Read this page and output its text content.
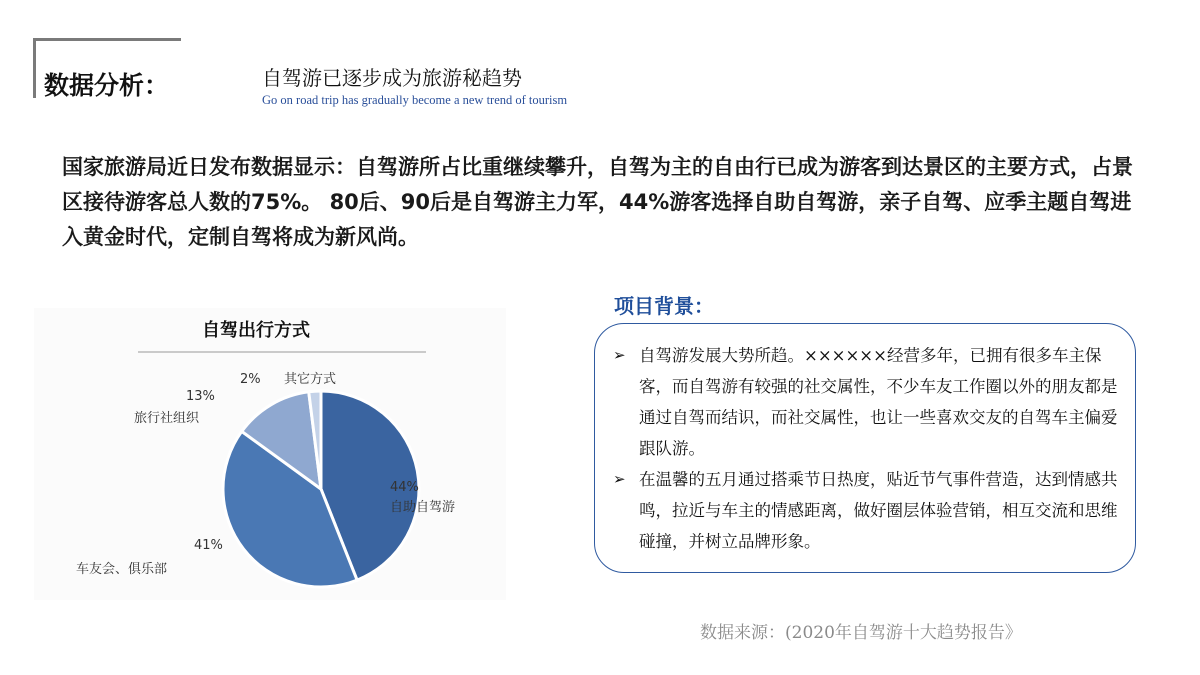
数据分析：	自驾游已逐步成为旅游秘趋势
Go on road trip has gradually become a new trend of tourism
国家旅游局近日发布数据显示：自驾游所占比重继续攀升，自驾为主的自由行已成为游客到达景区的主要方式，占景区接待游客总人数的75%。 80后、90后是自驾游主力军，44%游客选择自助自驾游，亲子自驾、应季主题自驾进入黄金时代，定制自驾将成为新风尚。
自驾出行方式
44%
自助自驾游
41%
车友会、俱乐部
13%
旅行社组织
2% 其它方式
项目背景：
➢ 自驾游发展大势所趋。××××××经营多年，已拥有很多车主保客，而自驾游有较强的社交属性，不少车友工作圈以外的朋友都是通过自驾而结识，而社交属性，也让一些喜欢交友的自驾车主偏爱跟队游。
➢ 在温馨的五月通过搭乘节日热度，贴近节气事件营造，达到情感共鸣，拉近与车主的情感距离，做好圈层体验营销，相互交流和思维碰撞，并树立品牌形象。
数据来源：(2020年自驾游十大趋势报告》
